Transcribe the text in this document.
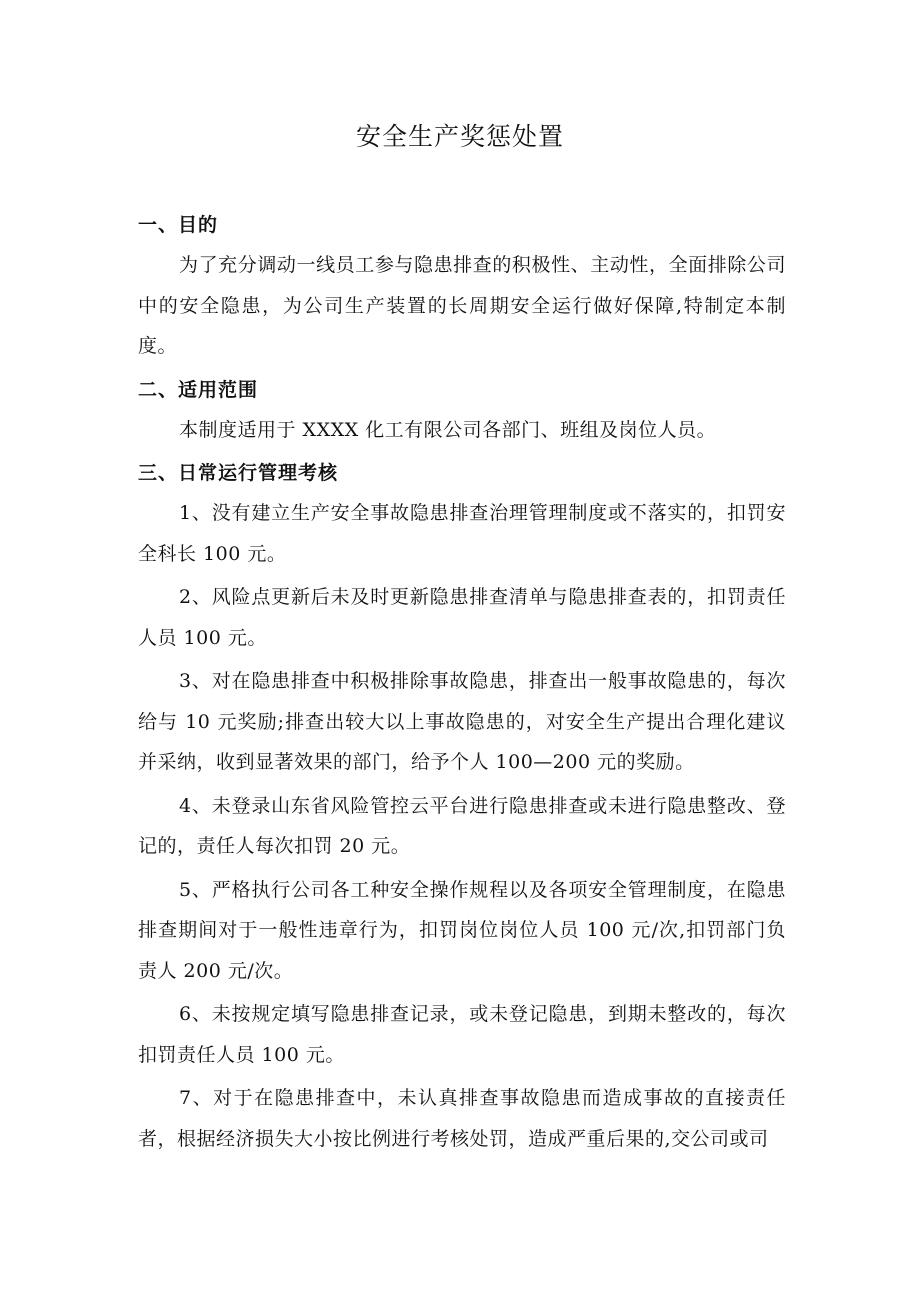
安全生产奖惩处置

一、目的

为了充分调动一线员工参与隐患排查的积极性、主动性，全面排除公司中的安全隐患，为公司生产装置的长周期安全运行做好保障,特制定本制度。

二、适用范围

本制度适用于 XXXX 化工有限公司各部门、班组及岗位人员。

三、日常运行管理考核

1、没有建立生产安全事故隐患排查治理管理制度或不落实的，扣罚安全科长 100 元。

2、风险点更新后未及时更新隐患排查清单与隐患排查表的，扣罚责任人员 100 元。

3、对在隐患排查中积极排除事故隐患，排查出一般事故隐患的，每次给与 10 元奖励;排查出较大以上事故隐患的，对安全生产提出合理化建议并采纳，收到显著效果的部门，给予个人 100—200 元的奖励。

4、未登录山东省风险管控云平台进行隐患排查或未进行隐患整改、登记的，责任人每次扣罚 20 元。

5、严格执行公司各工种安全操作规程以及各项安全管理制度，在隐患排查期间对于一般性违章行为，扣罚岗位岗位人员 100 元/次,扣罚部门负责人 200 元/次。

6、未按规定填写隐患排查记录，或未登记隐患，到期未整改的，每次扣罚责任人员 100 元。

7、对于在隐患排查中，未认真排查事故隐患而造成事故的直接责任者，根据经济损失大小按比例进行考核处罚，造成严重后果的,交公司或司
